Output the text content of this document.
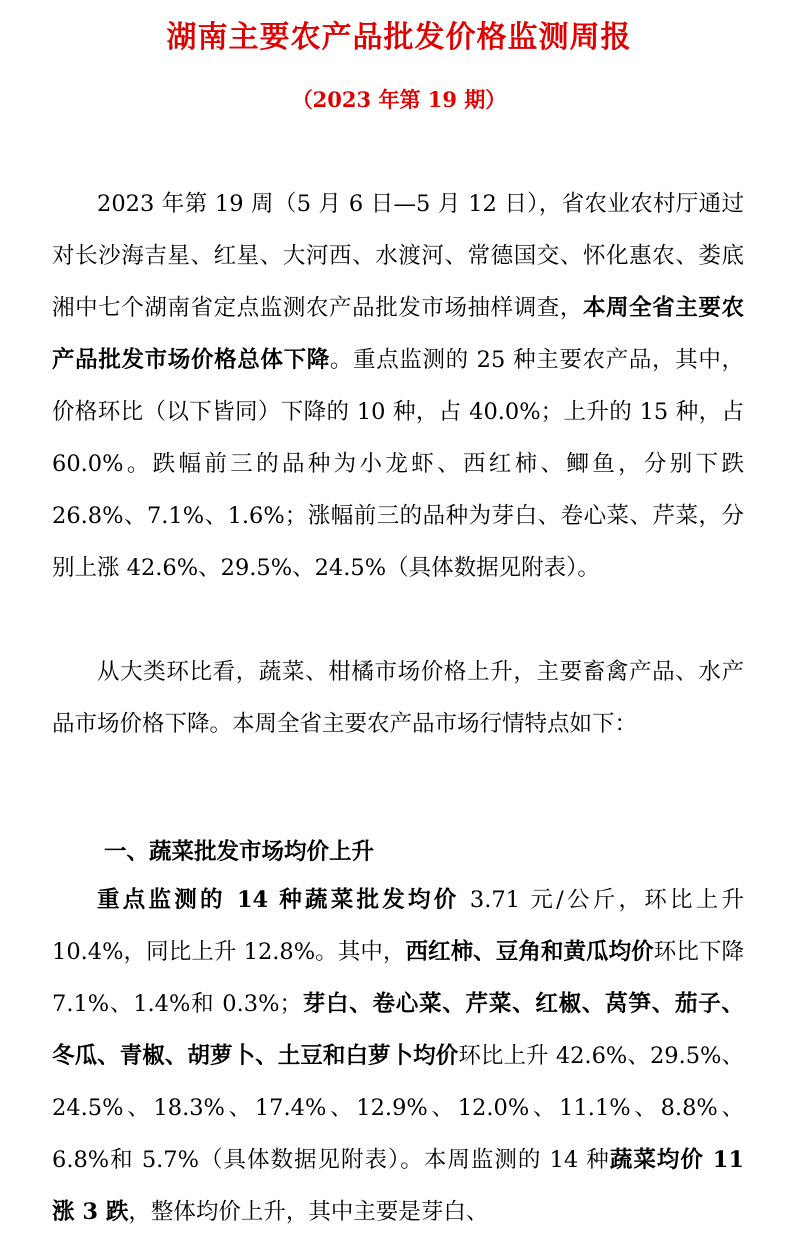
湖南主要农产品批发价格监测周报
（2023 年第 19 期）

2023 年第 19 周（5 月 6 日—5 月 12 日），省农业农村厅通过对长沙海吉星、红星、大河西、水渡河、常德国交、怀化惠农、娄底湘中七个湖南省定点监测农产品批发市场抽样调查，本周全省主要农产品批发市场价格总体下降。重点监测的 25 种主要农产品，其中，价格环比（以下皆同）下降的 10 种，占 40.0%；上升的 15 种，占 60.0%。跌幅前三的品种为小龙虾、西红柿、鲫鱼，分别下跌 26.8%、7.1%、1.6%；涨幅前三的品种为芽白、卷心菜、芹菜，分别上涨 42.6%、29.5%、24.5%（具体数据见附表）。

从大类环比看，蔬菜、柑橘市场价格上升，主要畜禽产品、水产品市场价格下降。本周全省主要农产品市场行情特点如下：

一、蔬菜批发市场均价上升

重点监测的 14 种蔬菜批发均价 3.71 元/公斤，环比上升 10.4%，同比上升 12.8%。其中，西红柿、豆角和黄瓜均价环比下降 7.1%、1.4%和 0.3%；芽白、卷心菜、芹菜、红椒、莴笋、茄子、冬瓜、青椒、胡萝卜、土豆和白萝卜均价环比上升 42.6%、29.5%、24.5%、18.3%、17.4%、12.9%、12.0%、11.1%、8.8%、6.8%和 5.7%（具体数据见附表）。本周监测的 14 种蔬菜均价 11 涨 3 跌，整体均价上升，其中主要是芽白、
